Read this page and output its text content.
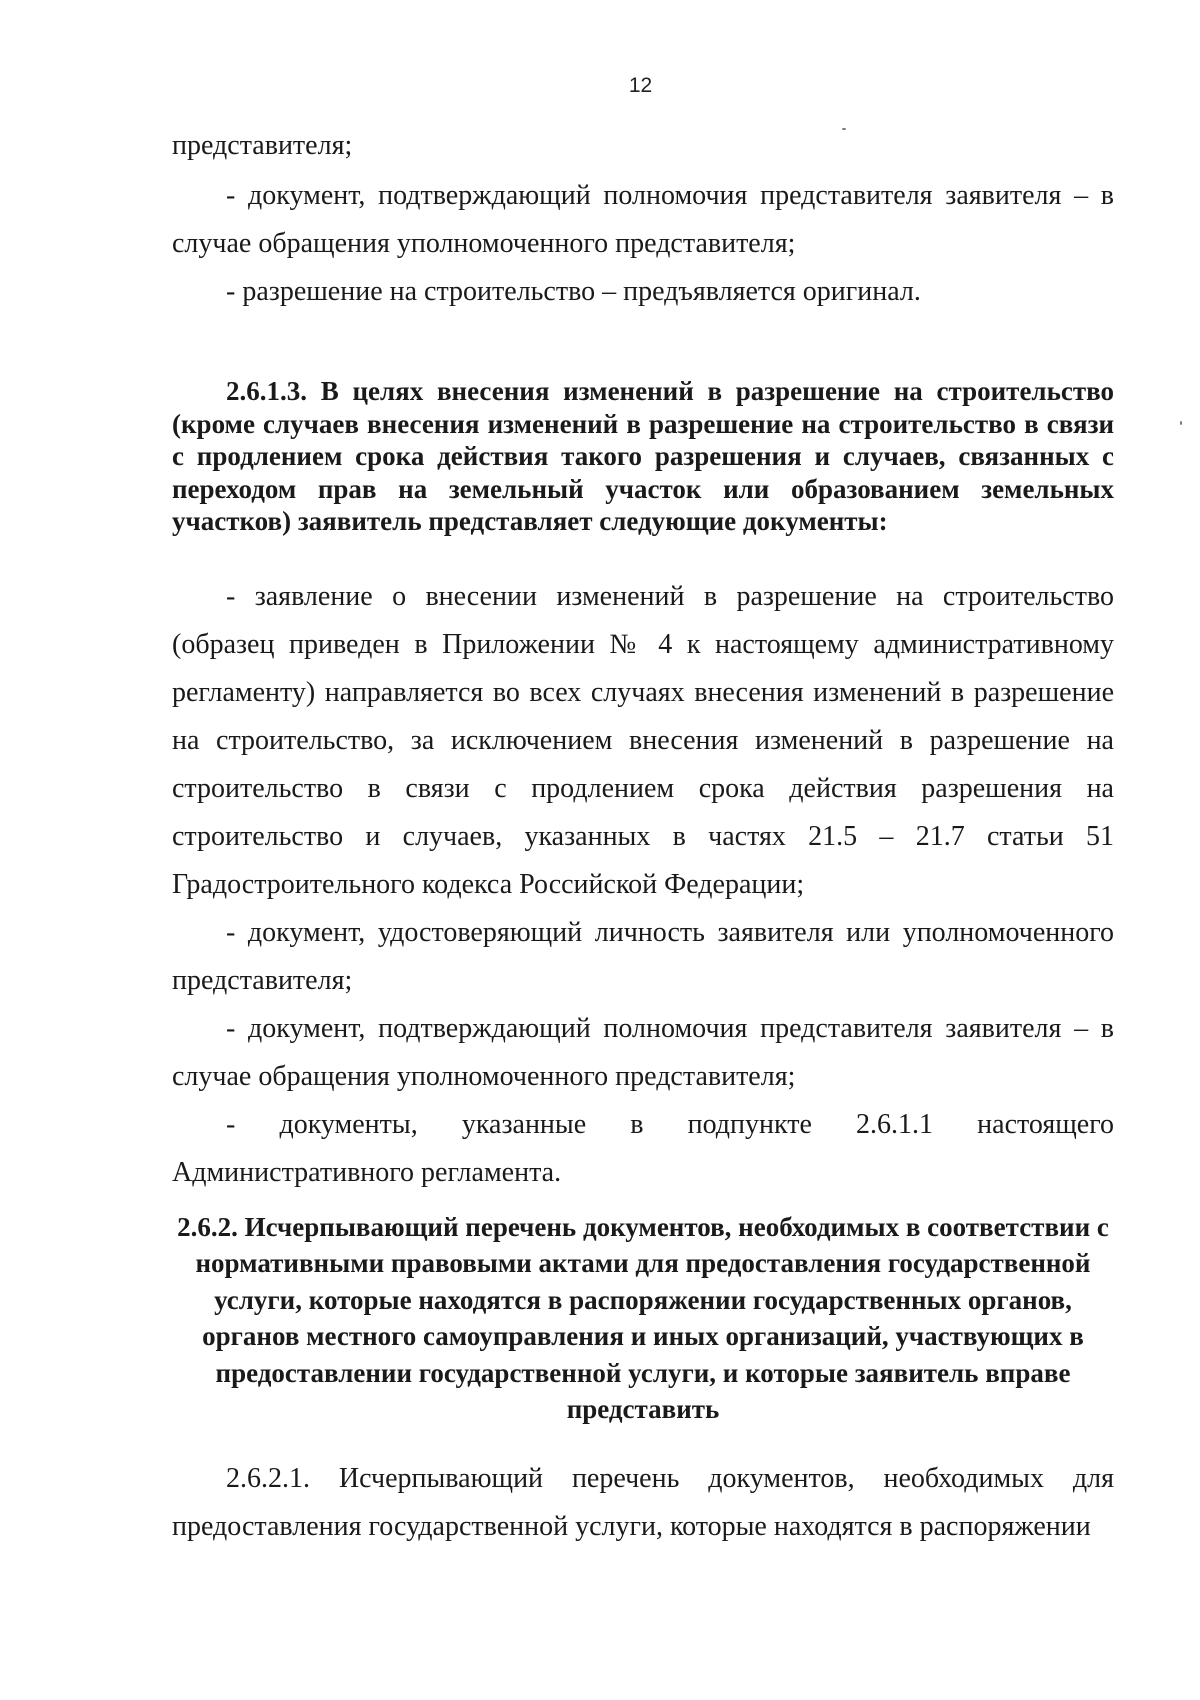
12

представителя;

- документ, подтверждающий полномочия представителя заявителя – в случае обращения уполномоченного представителя;

- разрешение на строительство – предъявляется оригинал.

2.6.1.3. В целях внесения изменений в разрешение на строительство (кроме случаев внесения изменений в разрешение на строительство в связи с продлением срока действия такого разрешения и случаев, связанных с переходом прав на земельный участок или образованием земельных участков) заявитель представляет следующие документы:

- заявление о внесении изменений в разрешение на строительство (образец приведен в Приложении № 4 к настоящему административному регламенту) направляется во всех случаях внесения изменений в разрешение на строительство, за исключением внесения изменений в разрешение на строительство в связи с продлением срока действия разрешения на строительство и случаев, указанных в частях 21.5 – 21.7 статьи 51 Градостроительного кодекса Российской Федерации;

- документ, удостоверяющий личность заявителя или уполномоченного представителя;

- документ, подтверждающий полномочия представителя заявителя – в случае обращения уполномоченного представителя;

- документы, указанные в подпункте 2.6.1.1 настоящего Административного регламента.

2.6.2. Исчерпывающий перечень документов, необходимых в соответствии с нормативными правовыми актами для предоставления государственной услуги, которые находятся в распоряжении государственных органов, органов местного самоуправления и иных организаций, участвующих в предоставлении государственной услуги, и которые заявитель вправе представить

2.6.2.1. Исчерпывающий перечень документов, необходимых для предоставления государственной услуги, которые находятся в распоряжении
